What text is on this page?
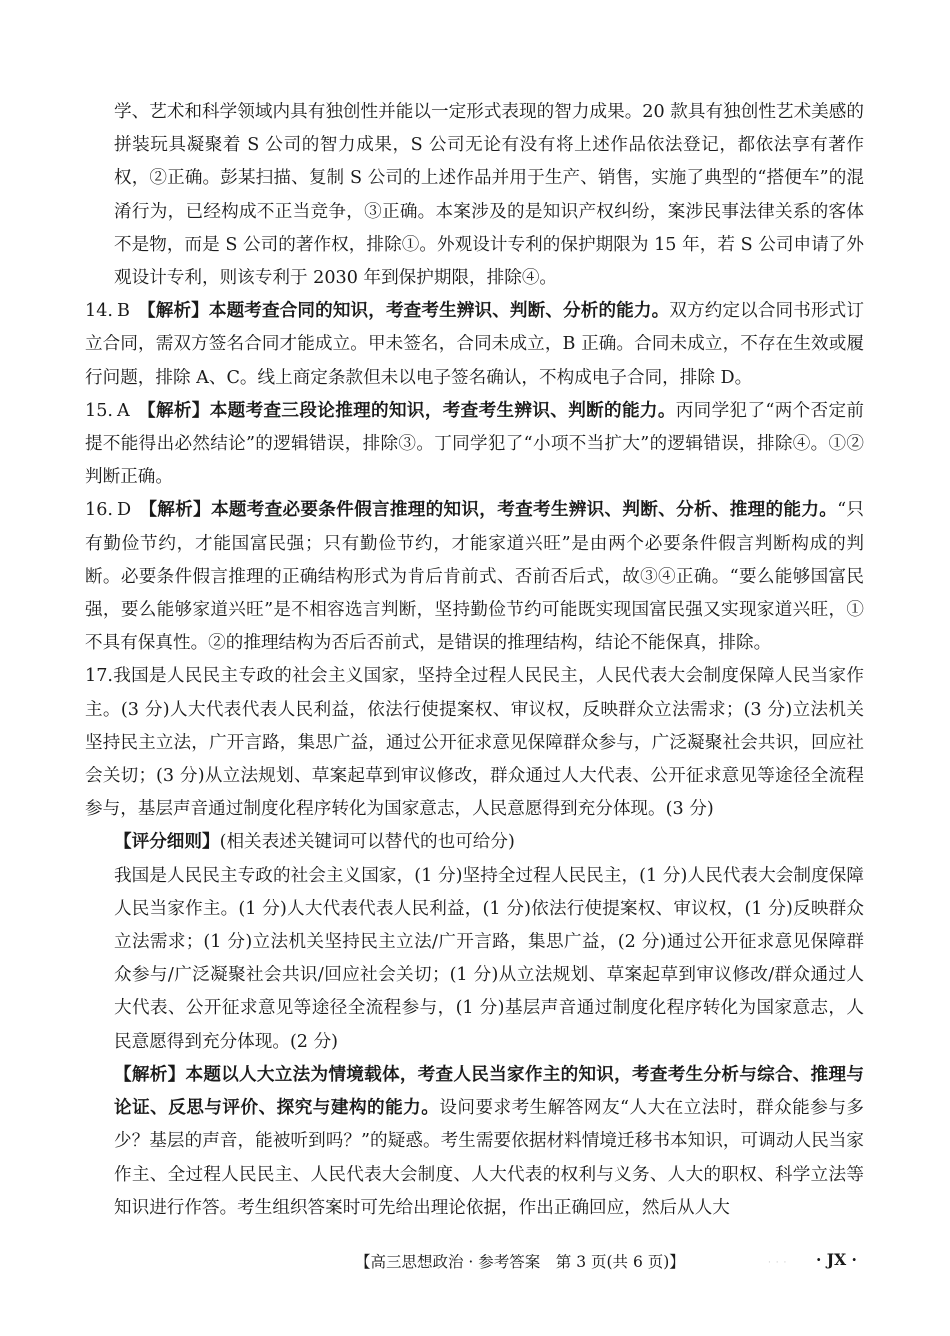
学、艺术和科学领域内具有独创性并能以一定形式表现的智力成果。20 款具有独创性艺术美感的拼装玩具凝聚着 S 公司的智力成果，S 公司无论有没有将上述作品依法登记，都依法享有著作权，②正确。彭某扫描、复制 S 公司的上述作品并用于生产、销售，实施了典型的“搭便车”的混淆行为，已经构成不正当竞争，③正确。本案涉及的是知识产权纠纷，案涉民事法律关系的客体不是物，而是 S 公司的著作权，排除①。外观设计专利的保护期限为 15 年，若 S 公司申请了外观设计专利，则该专利于 2030 年到保护期限，排除④。

14. B 【解析】本题考查合同的知识，考查考生辨识、判断、分析的能力。双方约定以合同书形式订立合同，需双方签名合同才能成立。甲未签名，合同未成立，B 正确。合同未成立，不存在生效或履行问题，排除 A、C。线上商定条款但未以电子签名确认，不构成电子合同，排除 D。

15. A 【解析】本题考查三段论推理的知识，考查考生辨识、判断的能力。丙同学犯了“两个否定前提不能得出必然结论”的逻辑错误，排除③。丁同学犯了“小项不当扩大”的逻辑错误，排除④。①②判断正确。

16. D 【解析】本题考查必要条件假言推理的知识，考查考生辨识、判断、分析、推理的能力。“只有勤俭节约，才能国富民强；只有勤俭节约，才能家道兴旺”是由两个必要条件假言判断构成的判断。必要条件假言推理的正确结构形式为肯后肯前式、否前否后式，故③④正确。“要么能够国富民强，要么能够家道兴旺”是不相容选言判断，坚持勤俭节约可能既实现国富民强又实现家道兴旺，①不具有保真性。②的推理结构为否后否前式，是错误的推理结构，结论不能保真，排除。

17.我国是人民民主专政的社会主义国家，坚持全过程人民民主，人民代表大会制度保障人民当家作主。(3 分)人大代表代表人民利益，依法行使提案权、审议权，反映群众立法需求；(3 分)立法机关坚持民主立法，广开言路，集思广益，通过公开征求意见保障群众参与，广泛凝聚社会共识，回应社会关切；(3 分)从立法规划、草案起草到审议修改，群众通过人大代表、公开征求意见等途径全流程参与，基层声音通过制度化程序转化为国家意志，人民意愿得到充分体现。(3 分)

【评分细则】(相关表述关键词可以替代的也可给分)

我国是人民民主专政的社会主义国家，(1 分)坚持全过程人民民主，(1 分)人民代表大会制度保障人民当家作主。(1 分)人大代表代表人民利益，(1 分)依法行使提案权、审议权，(1 分)反映群众立法需求；(1 分)立法机关坚持民主立法/广开言路，集思广益，(2 分)通过公开征求意见保障群众参与/广泛凝聚社会共识/回应社会关切；(1 分)从立法规划、草案起草到审议修改/群众通过人大代表、公开征求意见等途径全流程参与，(1 分)基层声音通过制度化程序转化为国家意志，人民意愿得到充分体现。(2 分)

【解析】本题以人大立法为情境载体，考查人民当家作主的知识，考查考生分析与综合、推理与论证、反思与评价、探究与建构的能力。设问要求考生解答网友“人大在立法时，群众能参与多少？基层的声音，能被听到吗？”的疑惑。考生需要依据材料情境迁移书本知识，可调动人民当家作主、全过程人民民主、人民代表大会制度、人大代表的权利与义务、人大的职权、科学立法等知识进行作答。考生组织答案时可先给出理论依据，作出正确回应，然后从人大

【高三思想政治 · 参考答案　第 3 页(共 6 页)】	· · · · JX ·
